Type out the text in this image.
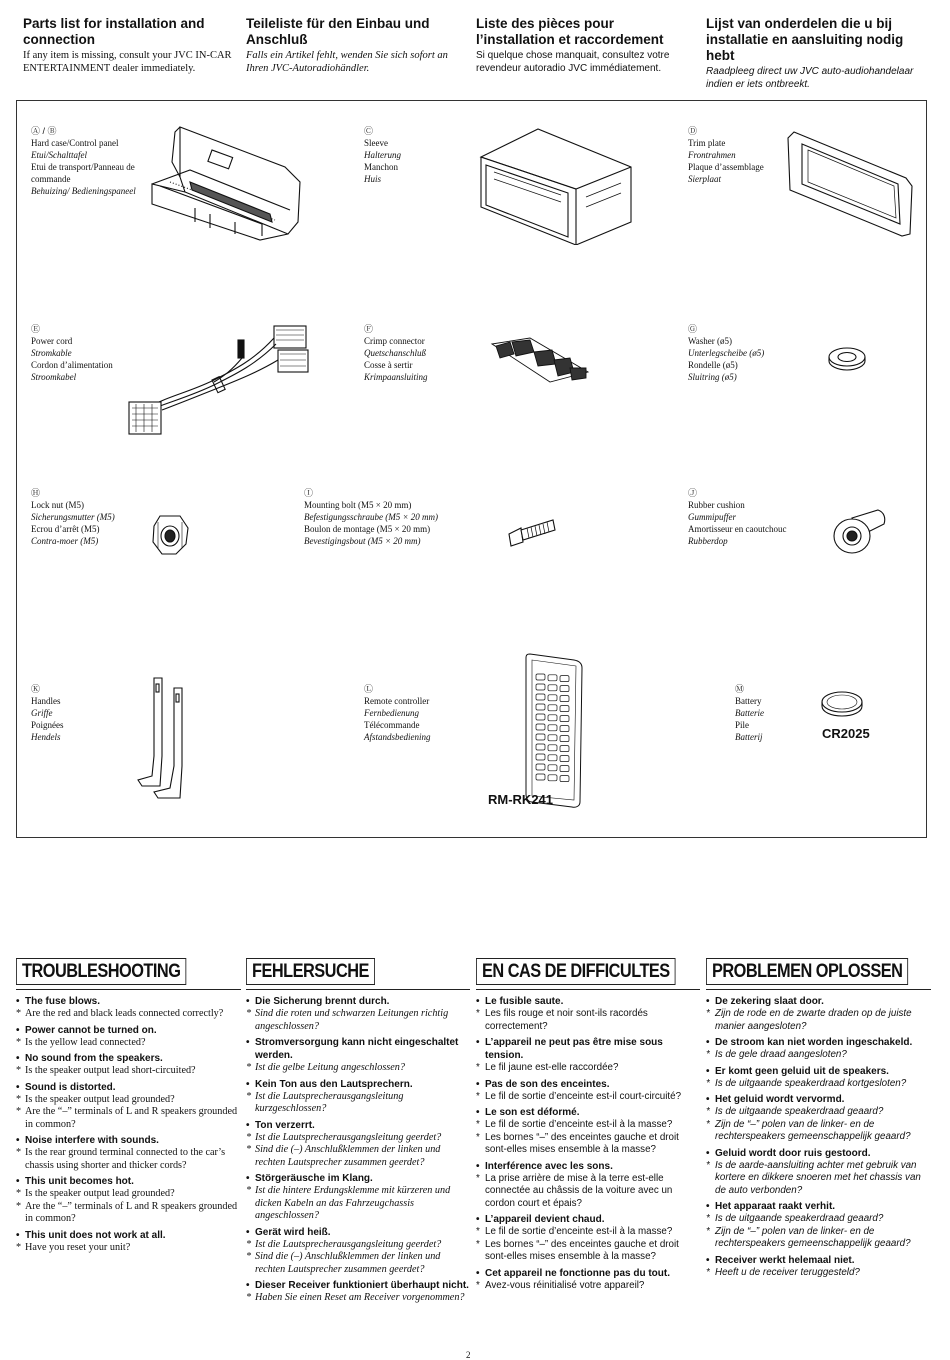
Parts list for installation and connection
If any item is missing, consult your JVC IN-CAR ENTERTAINMENT dealer immediately.
Teileliste für den Einbau und Anschluß
Falls ein Artikel fehlt, wenden Sie sich sofort an Ihren JVC-Autoradiohändler.
Liste des pièces pour l’installation et raccordement
Si quelque chose manquait, consultez votre revendeur autoradio JVC immédiatement.
Lijst van onderdelen die u bij installatie en aansluiting nodig hebt
Raadpleeg direct uw JVC auto-audiohandelaar indien er iets ontbreekt.
Ⓐ / Ⓑ
Hard case/Control panel
Etui/Schalttafel
Etui de transport/Panneau de commande
Behuizing/ Bedieningspaneel
Ⓒ
Sleeve
Halterung
Manchon
Huis
Ⓓ
Trim plate
Frontrahmen
Plaque d’assemblage
Sierplaat
Ⓔ
Power cord
Stromkable
Cordon d’alimentation
Stroomkabel
Ⓕ
Crimp connector
Quetschanschluß
Cosse à sertir
Krimpaansluiting
Ⓖ
Washer (ø5)
Unterlegscheibe (ø5)
Rondelle (ø5)
Sluitring (ø5)
Ⓗ
Lock nut (M5)
Sicherungsmutter (M5)
Ecrou d’arrêt (M5)
Contra-moer (M5)
Ⓘ
Mounting bolt (M5 × 20 mm)
Befestigungsschraube (M5 × 20 mm)
Boulon de montage (M5 × 20 mm)
Bevestigingsbout (M5 × 20 mm)
Ⓙ
Rubber cushion
Gummipuffer
Amortisseur en caoutchouc
Rubberdop
Ⓚ
Handles
Griffe
Poignées
Hendels
Ⓛ
Remote controller
Fernbedienung
Télécommande
Afstandsbediening
Ⓜ
Battery
Batterie
Pile
Batterij
RM-RK241
CR2025
TROUBLESHOOTING
• The fuse blows.
* Are the red and black leads connected correctly?
• Power cannot be turned on.
* Is the yellow lead connected?
• No sound from the speakers.
* Is the speaker output lead short-circuited?
• Sound is distorted.
* Is the speaker output lead grounded?
* Are the “–” terminals of L and R speakers grounded in common?
• Noise interfere with sounds.
* Is the rear ground terminal connected to the car’s chassis using shorter and thicker cords?
• This unit becomes hot.
* Is the speaker output lead grounded?
* Are the “–” terminals of L and R speakers grounded in common?
• This unit does not work at all.
* Have you reset your unit?
FEHLERSUCHE
• Die Sicherung brennt durch.
* Sind die roten und schwarzen Leitungen richtig angeschlossen?
• Stromversorgung kann nicht eingeschaltet werden.
* Ist die gelbe Leitung angeschlossen?
• Kein Ton aus den Lautsprechern.
* Ist die Lautsprecherausgangsleitung kurzgeschlossen?
• Ton verzerrt.
* Ist die Lautsprecherausgangsleitung geerdet?
* Sind die (–) Anschlußklemmen der linken und rechten Lautsprecher zusammen geerdet?
• Störgeräusche im Klang.
* Ist die hintere Erdungsklemme mit kürzeren und dicken Kabeln an das Fahrzeugchassis angeschlossen?
• Gerät wird heiß.
* Ist die Lautsprecherausgangsleitung geerdet?
* Sind die (–) Anschlußklemmen der linken und rechten Lautsprecher zusammen geerdet?
• Dieser Receiver funktioniert überhaupt nicht.
* Haben Sie einen Reset am Receiver vorgenommen?
EN CAS DE DIFFICULTES
• Le fusible saute.
* Les fils rouge et noir sont-ils racordés correctement?
• L’appareil ne peut pas être mise sous tension.
* Le fil jaune est-elle raccordée?
• Pas de son des enceintes.
* Le fil de sortie d’enceinte est-il court-circuité?
• Le son est déformé.
* Le fil de sortie d’enceinte est-il à la masse?
* Les bornes “–” des enceintes gauche et droit sont-elles mises ensemble à la masse?
• Interférence avec les sons.
* La prise arrière de mise à la terre est-elle connectée au châssis de la voiture avec un cordon court et épais?
• L’appareil devient chaud.
* Le fil de sortie d’enceinte est-il à la masse?
* Les bornes “–” des enceintes gauche et droit sont-elles mises ensemble à la masse?
• Cet appareil ne fonctionne pas du tout.
* Avez-vous réinitialisé votre appareil?
PROBLEMEN OPLOSSEN
• De zekering slaat door.
* Zijn de rode en de zwarte draden op de juiste manier aangesloten?
• De stroom kan niet worden ingeschakeld.
* Is de gele draad aangesloten?
• Er komt geen geluid uit de speakers.
* Is de uitgaande speakerdraad kortgesloten?
• Het geluid wordt vervormd.
* Is de uitgaande speakerdraad geaard?
* Zijn de “–” polen van de linker- en de rechterspeakers gemeenschappelijk geaard?
• Geluid wordt door ruis gestoord.
* Is de aarde-aansluiting achter met gebruik van kortere en dikkere snoeren met het chassis van de auto verbonden?
• Het apparaat raakt verhit.
* Is de uitgaande speakerdraad geaard?
* Zijn de “–” polen van de linker- en de rechterspeakers gemeenschappelijk geaard?
• Receiver werkt helemaal niet.
* Heeft u de receiver teruggesteld?
2
